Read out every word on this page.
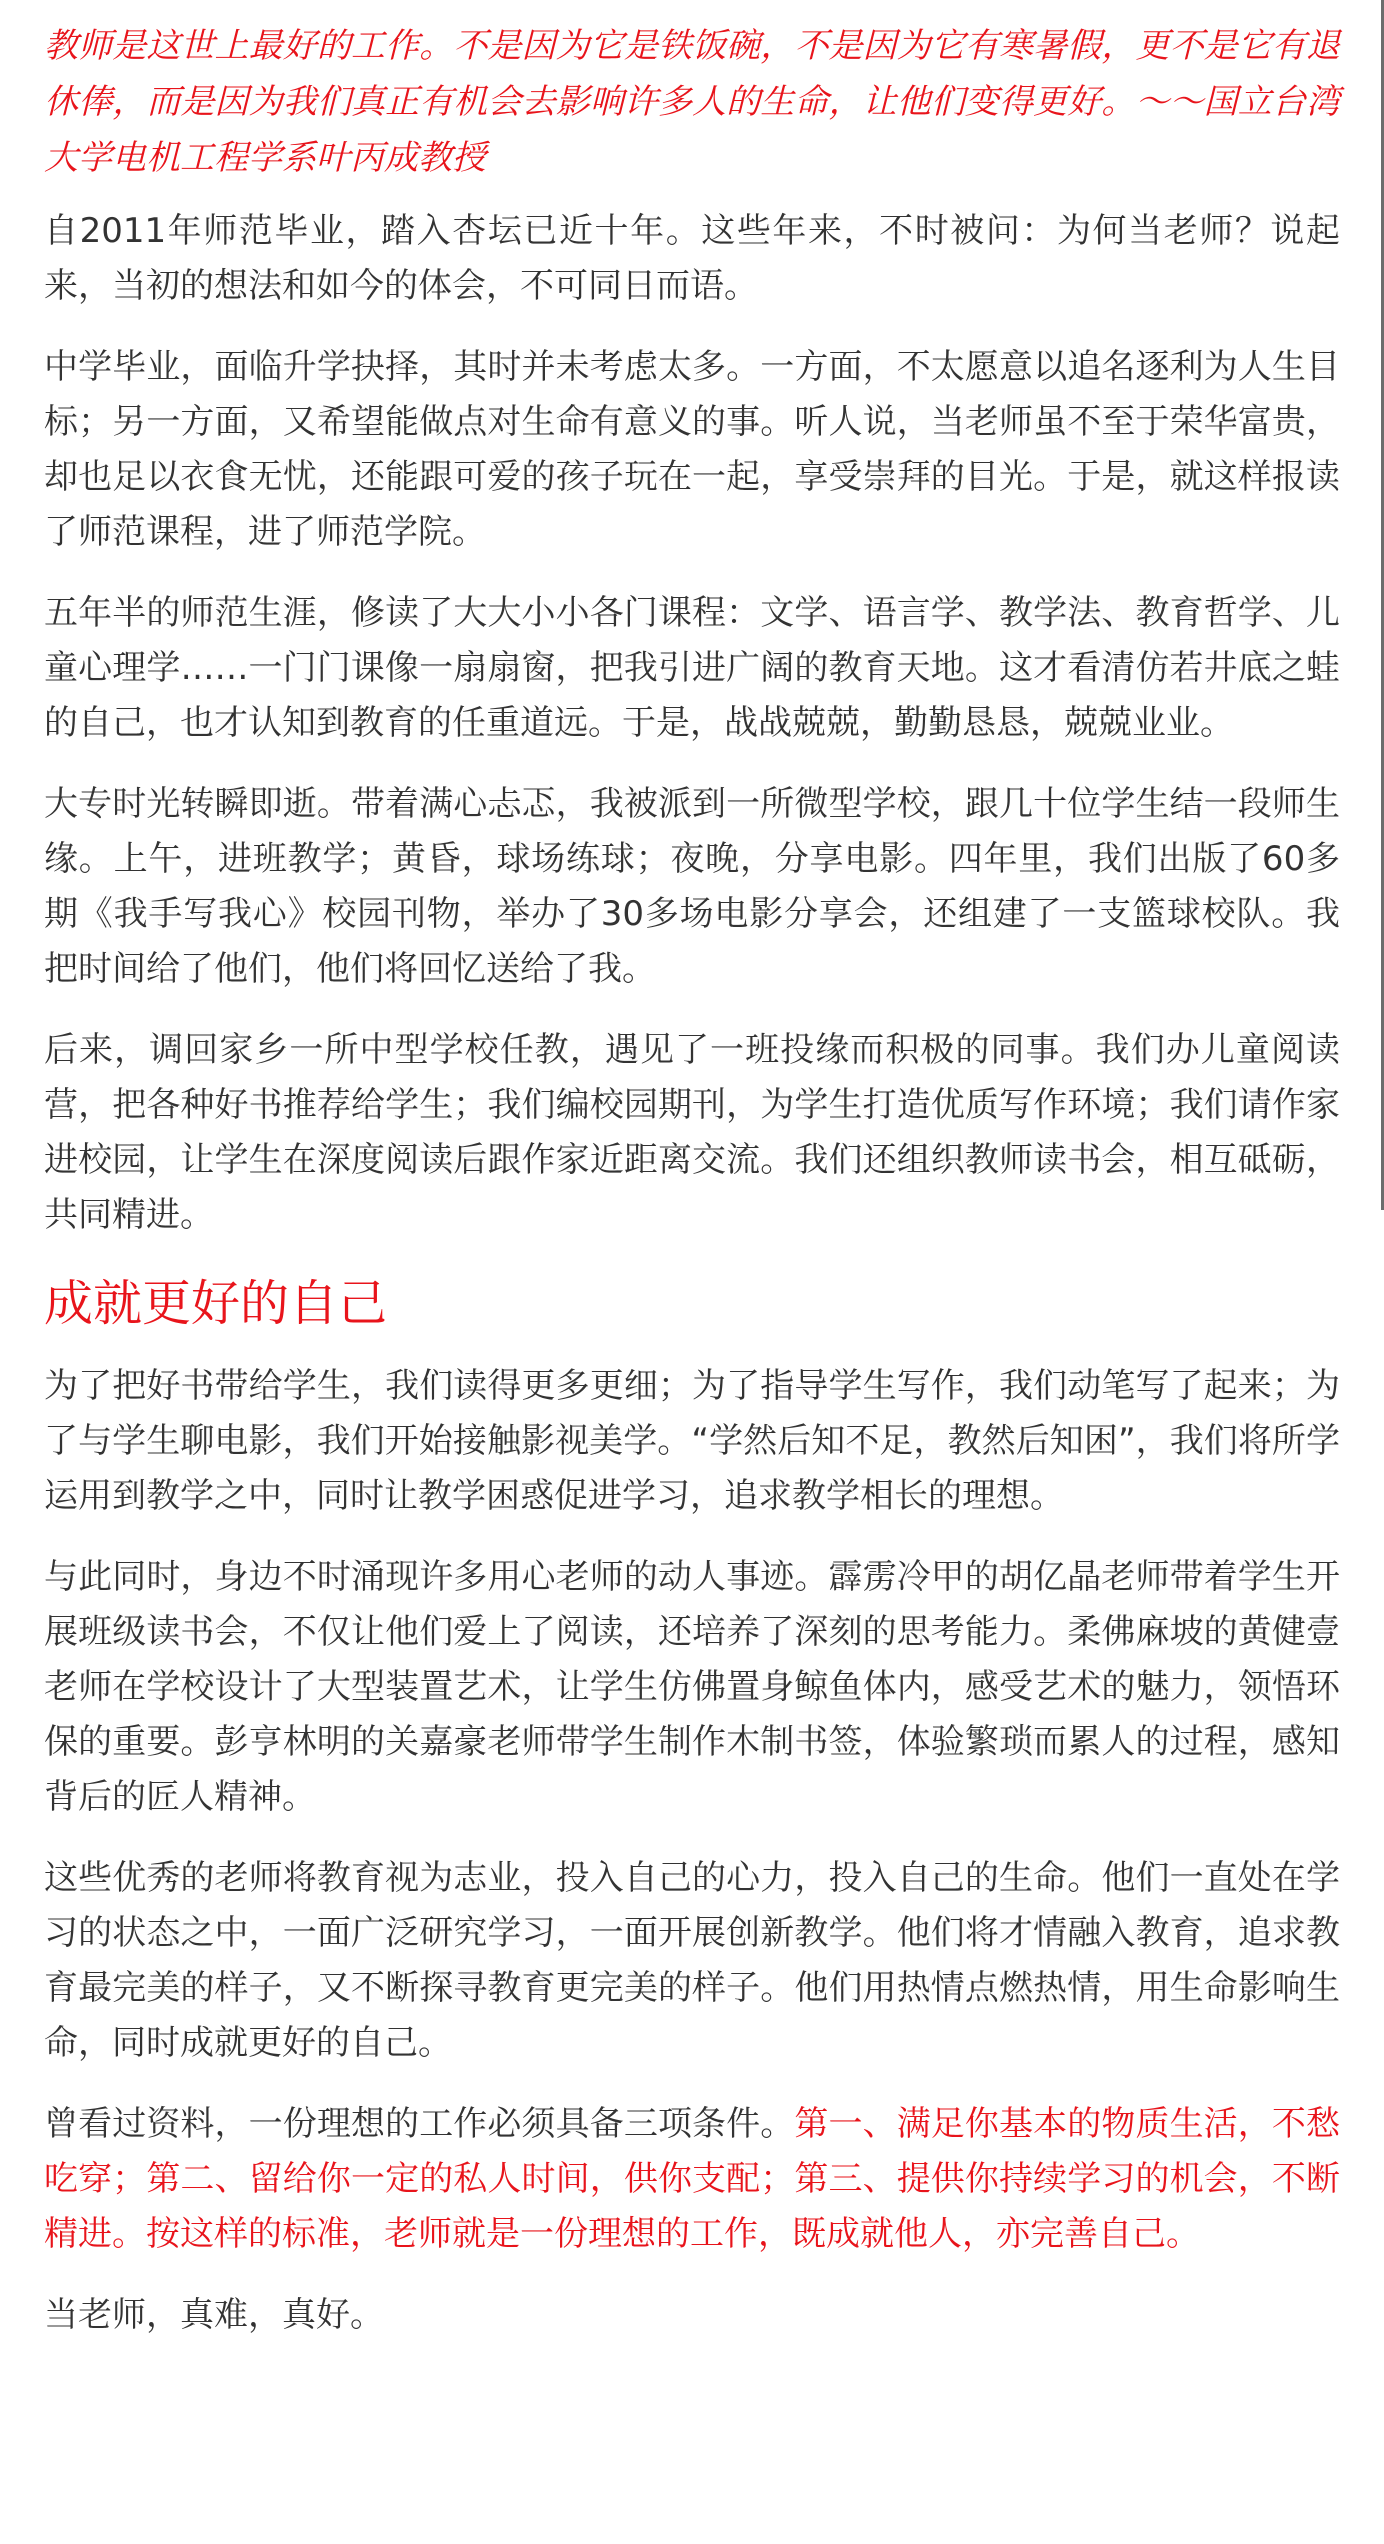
教师是这世上最好的工作。不是因为它是铁饭碗，不是因为它有寒暑假，更不是它有退休俸，而是因为我们真正有机会去影响许多人的生命，让他们变得更好。～～国立台湾大学电机工程学系叶丙成教授

自2011年师范毕业，踏入杏坛已近十年。这些年来，不时被问：为何当老师？说起来，当初的想法和如今的体会，不可同日而语。

中学毕业，面临升学抉择，其时并未考虑太多。一方面，不太愿意以追名逐利为人生目标；另一方面，又希望能做点对生命有意义的事。听人说，当老师虽不至于荣华富贵，却也足以衣食无忧，还能跟可爱的孩子玩在一起，享受崇拜的目光。于是，就这样报读了师范课程，进了师范学院。

五年半的师范生涯，修读了大大小小各门课程：文学、语言学、教学法、教育哲学、儿童心理学……一门门课像一扇扇窗，把我引进广阔的教育天地。这才看清仿若井底之蛙的自己，也才认知到教育的任重道远。于是，战战兢兢，勤勤恳恳，兢兢业业。

大专时光转瞬即逝。带着满心忐忑，我被派到一所微型学校，跟几十位学生结一段师生缘。上午，进班教学；黄昏，球场练球；夜晚，分享电影。四年里，我们出版了60多期《我手写我心》校园刊物，举办了30多场电影分享会，还组建了一支篮球校队。我把时间给了他们，他们将回忆送给了我。

后来，调回家乡一所中型学校任教，遇见了一班投缘而积极的同事。我们办儿童阅读营，把各种好书推荐给学生；我们编校园期刊，为学生打造优质写作环境；我们请作家进校园，让学生在深度阅读后跟作家近距离交流。我们还组织教师读书会，相互砥砺，共同精进。

成就更好的自己

为了把好书带给学生，我们读得更多更细；为了指导学生写作，我们动笔写了起来；为了与学生聊电影，我们开始接触影视美学。“学然后知不足，教然后知困”，我们将所学运用到教学之中，同时让教学困惑促进学习，追求教学相长的理想。

与此同时，身边不时涌现许多用心老师的动人事迹。霹雳冷甲的胡亿晶老师带着学生开展班级读书会，不仅让他们爱上了阅读，还培养了深刻的思考能力。柔佛麻坡的黄健壹老师在学校设计了大型装置艺术，让学生仿佛置身鲸鱼体内，感受艺术的魅力，领悟环保的重要。彭亨林明的关嘉豪老师带学生制作木制书签，体验繁琐而累人的过程，感知背后的匠人精神。

这些优秀的老师将教育视为志业，投入自己的心力，投入自己的生命。他们一直处在学习的状态之中，一面广泛研究学习，一面开展创新教学。他们将才情融入教育，追求教育最完美的样子，又不断探寻教育更完美的样子。他们用热情点燃热情，用生命影响生命，同时成就更好的自己。

曾看过资料，一份理想的工作必须具备三项条件。第一、满足你基本的物质生活，不愁吃穿；第二、留给你一定的私人时间，供你支配；第三、提供你持续学习的机会，不断精进。按这样的标准，老师就是一份理想的工作，既成就他人，亦完善自己。

当老师，真难，真好。
